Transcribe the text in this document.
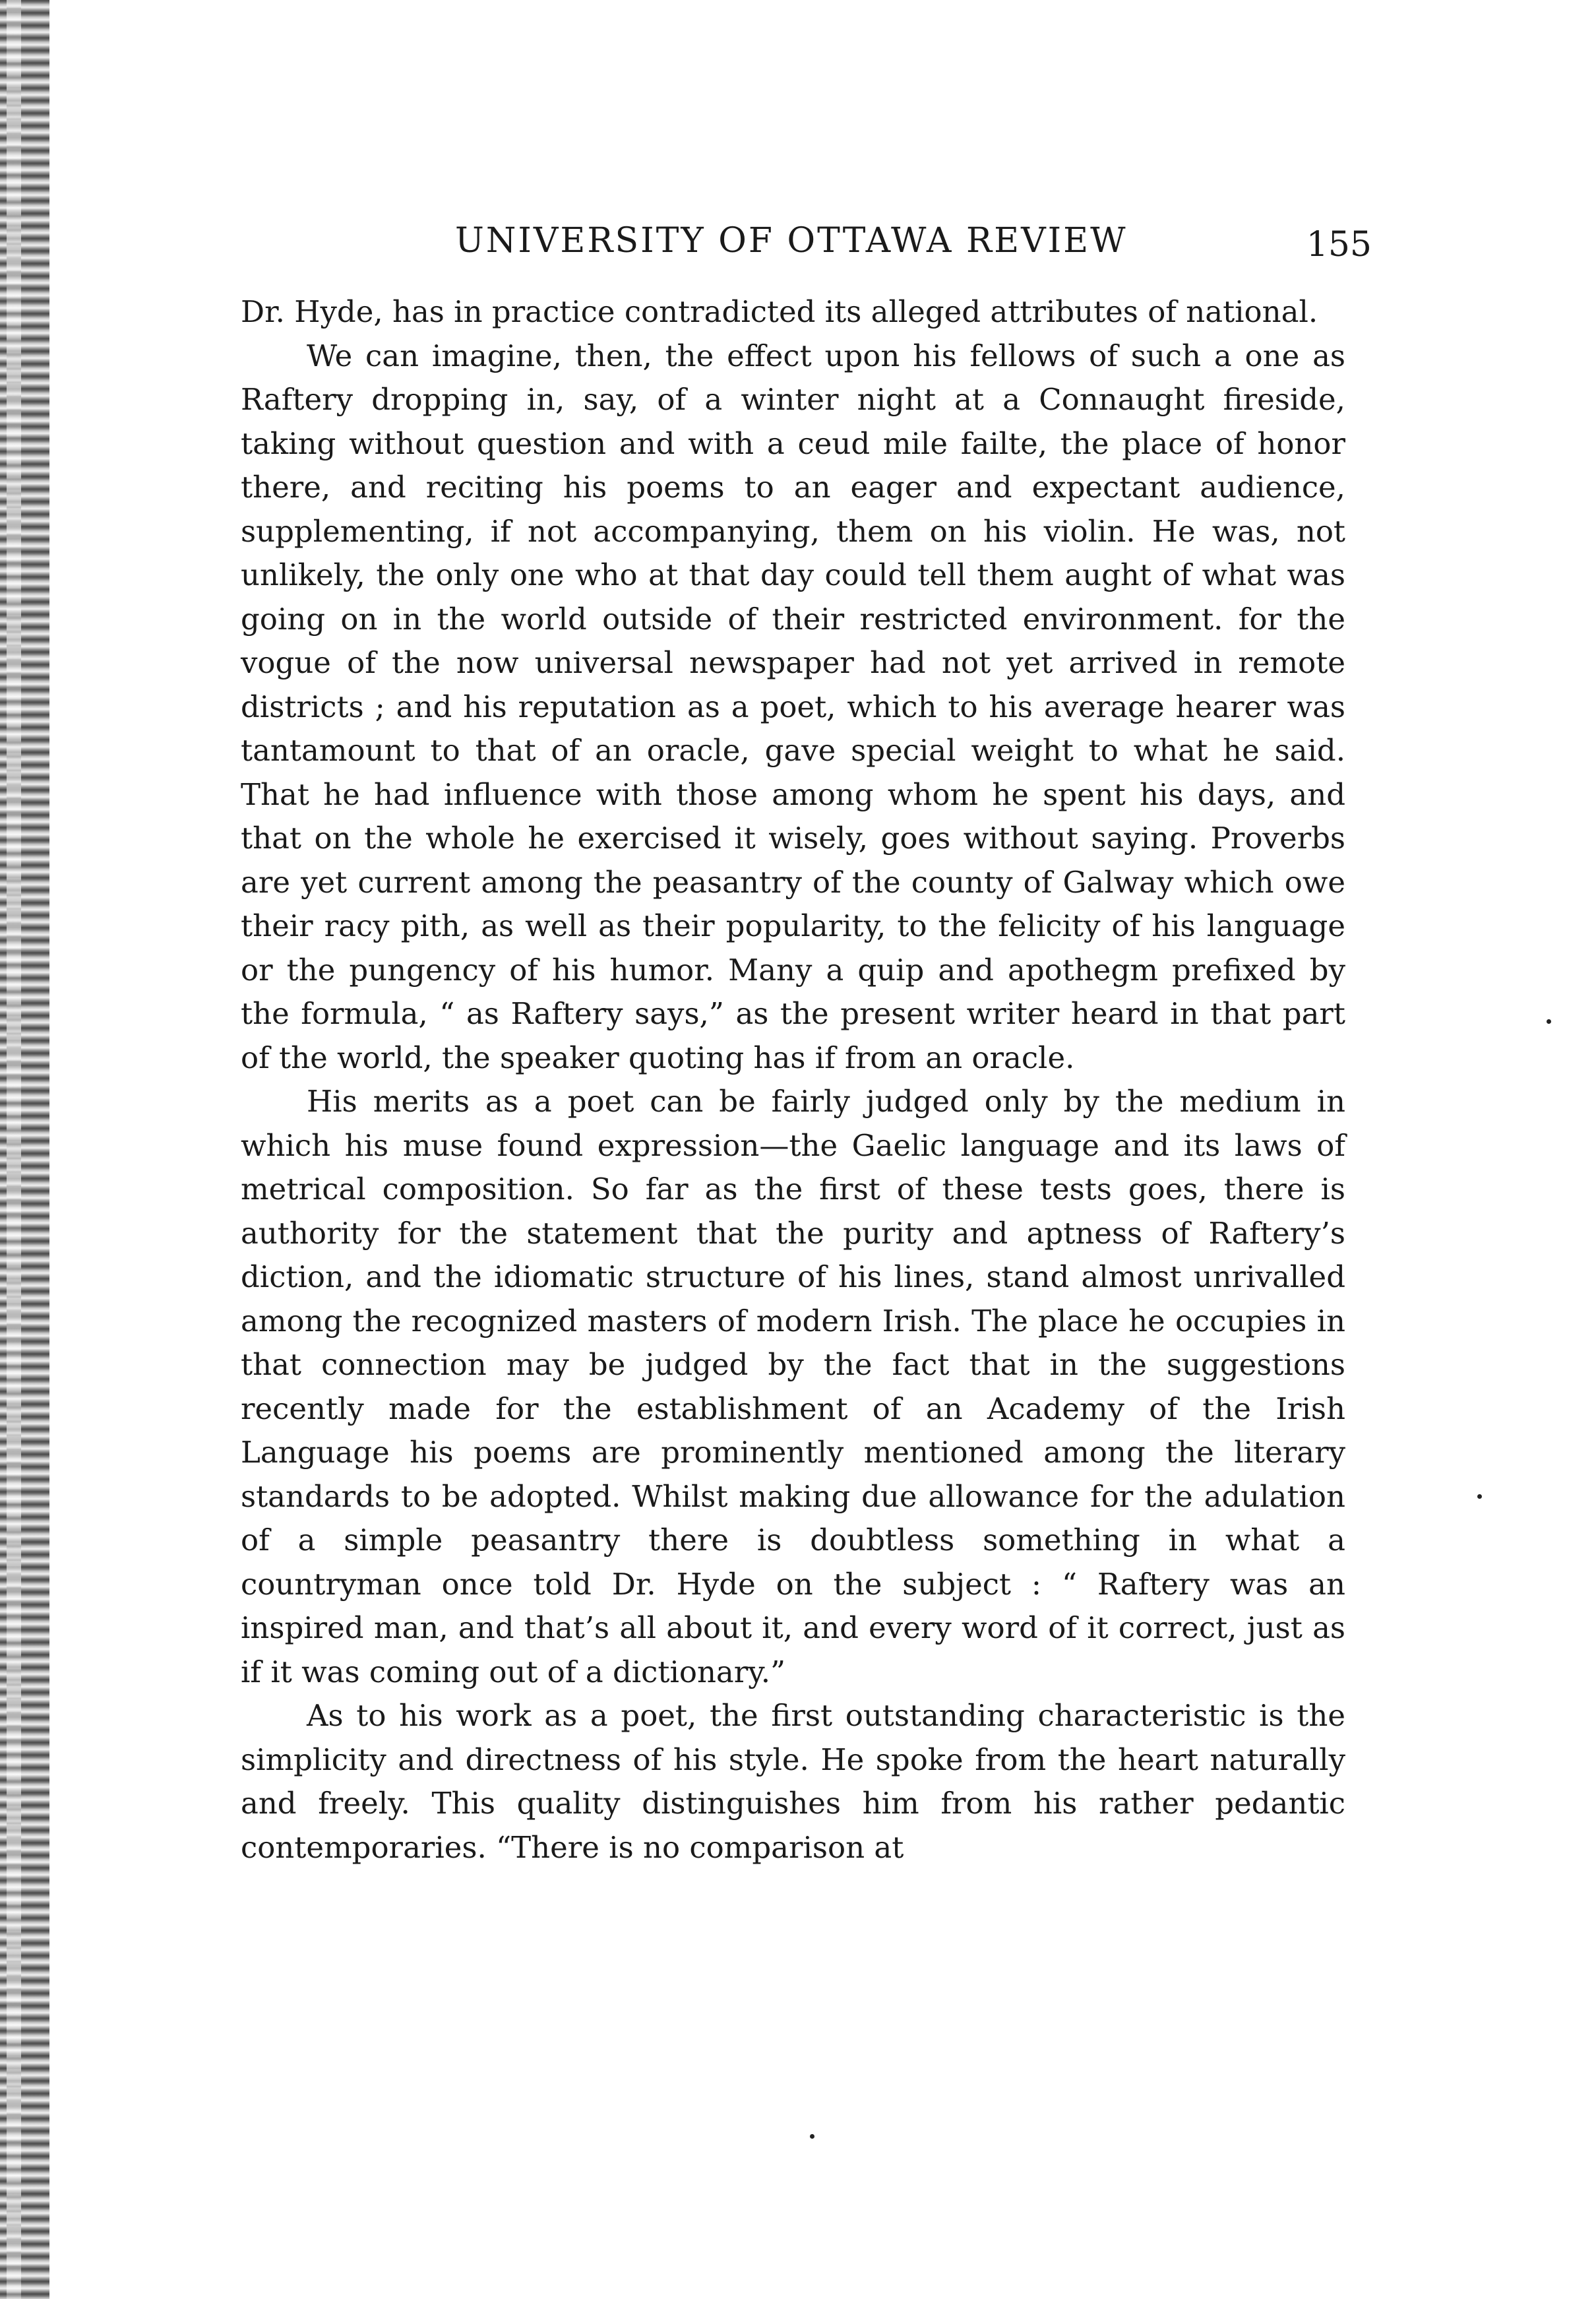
UNIVERSITY OF OTTAWA REVIEW	155

Dr. Hyde, has in practice contradicted its alleged attributes of national.

We can imagine, then, the effect upon his fellows of such a one as Raftery dropping in, say, of a winter night at a Connaught fireside, taking without question and with a ceud mile failte, the place of honor there, and reciting his poems to an eager and expectant audience, supplementing, if not accompanying, them on his violin. He was, not unlikely, the only one who at that day could tell them aught of what was going on in the world outside of their restricted environment. for the vogue of the now universal newspaper had not yet arrived in remote districts ; and his reputation as a poet, which to his average hearer was tantamount to that of an oracle, gave special weight to what he said. That he had influence with those among whom he spent his days, and that on the whole he exercised it wisely, goes without saying. Proverbs are yet current among the peasantry of the county of Galway which owe their racy pith, as well as their popularity, to the felicity of his language or the pungency of his humor. Many a quip and apothegm prefixed by the formula, “ as Raftery says,” as the present writer heard in that part of the world, the speaker quoting has if from an oracle.

His merits as a poet can be fairly judged only by the medium in which his muse found expression—the Gaelic language and its laws of metrical composition. So far as the first of these tests goes, there is authority for the statement that the purity and aptness of Raftery’s diction, and the idiomatic structure of his lines, stand almost unrivalled among the recognized masters of modern Irish. The place he occupies in that connection may be judged by the fact that in the suggestions recently made for the establishment of an Academy of the Irish Language his poems are prominently mentioned among the literary standards to be adopted. Whilst making due allowance for the adulation of a simple peasantry there is doubtless something in what a countryman once told Dr. Hyde on the subject : “ Raftery was an inspired man, and that’s all about it, and every word of it correct, just as if it was coming out of a dictionary.”

As to his work as a poet, the first outstanding characteristic is the simplicity and directness of his style. He spoke from the heart naturally and freely. This quality distinguishes him from his rather pedantic contemporaries. “There is no comparison at
